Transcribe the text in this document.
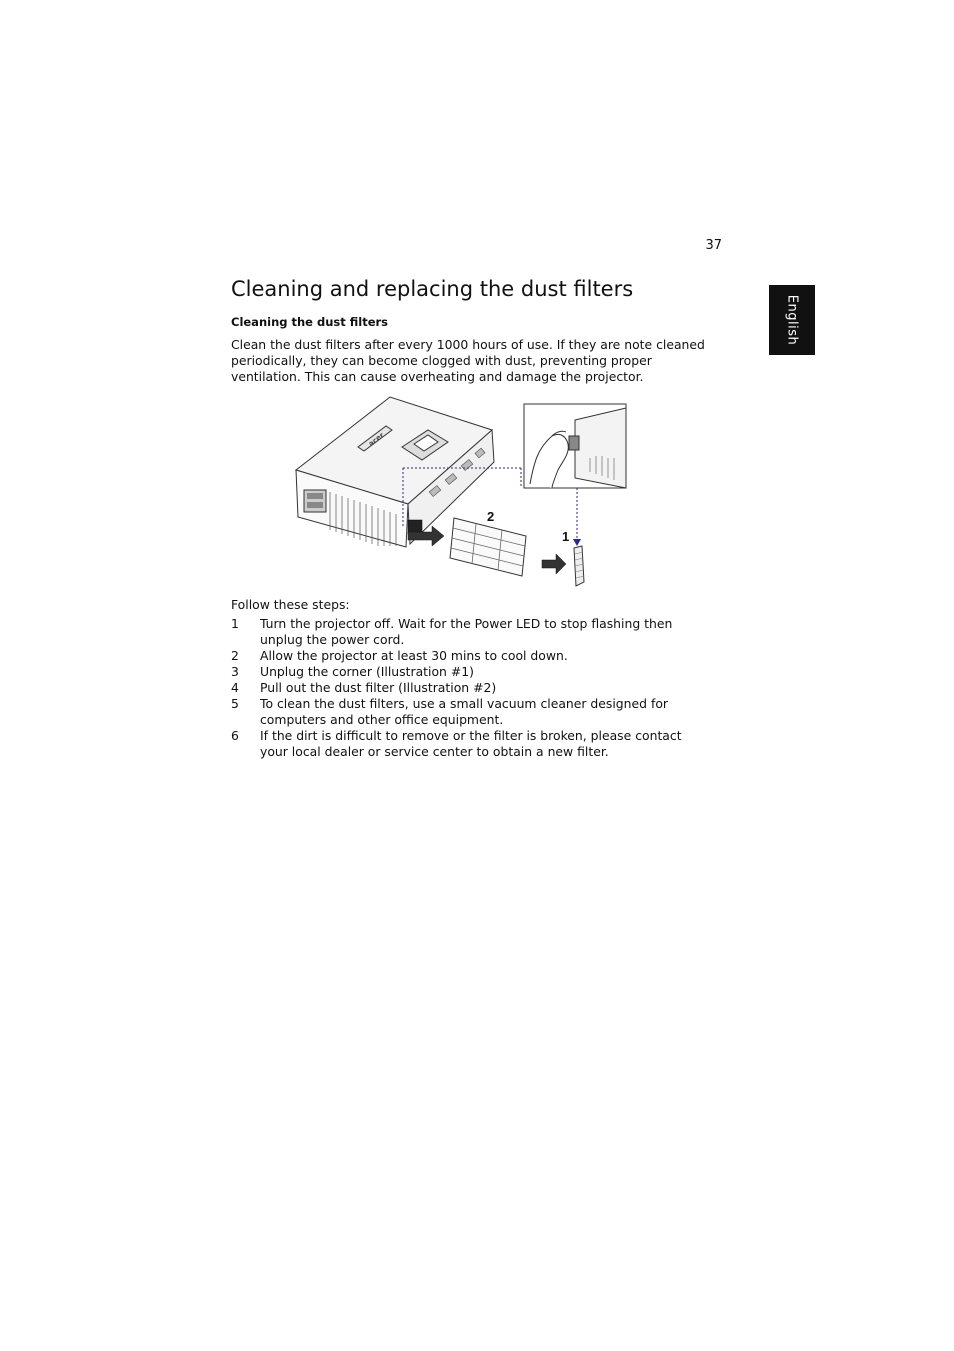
37
English
Cleaning and replacing the dust filters
Cleaning the dust filters

Clean the dust filters after every 1000 hours of use. If they are note cleaned periodically, they can become clogged with dust, preventing proper ventilation. This can cause overheating and damage the projector.

acer
2
1

Follow these steps:

1 Turn the projector off. Wait for the Power LED to stop flashing then unplug the power cord.
2 Allow the projector at least 30 mins to cool down.
3 Unplug the corner (Illustration #1)
4 Pull out the dust filter (Illustration #2)
5 To clean the dust filters, use a small vacuum cleaner designed for computers and other office equipment.
6 If the dirt is difficult to remove or the filter is broken, please contact your local dealer or service center to obtain a new filter.
